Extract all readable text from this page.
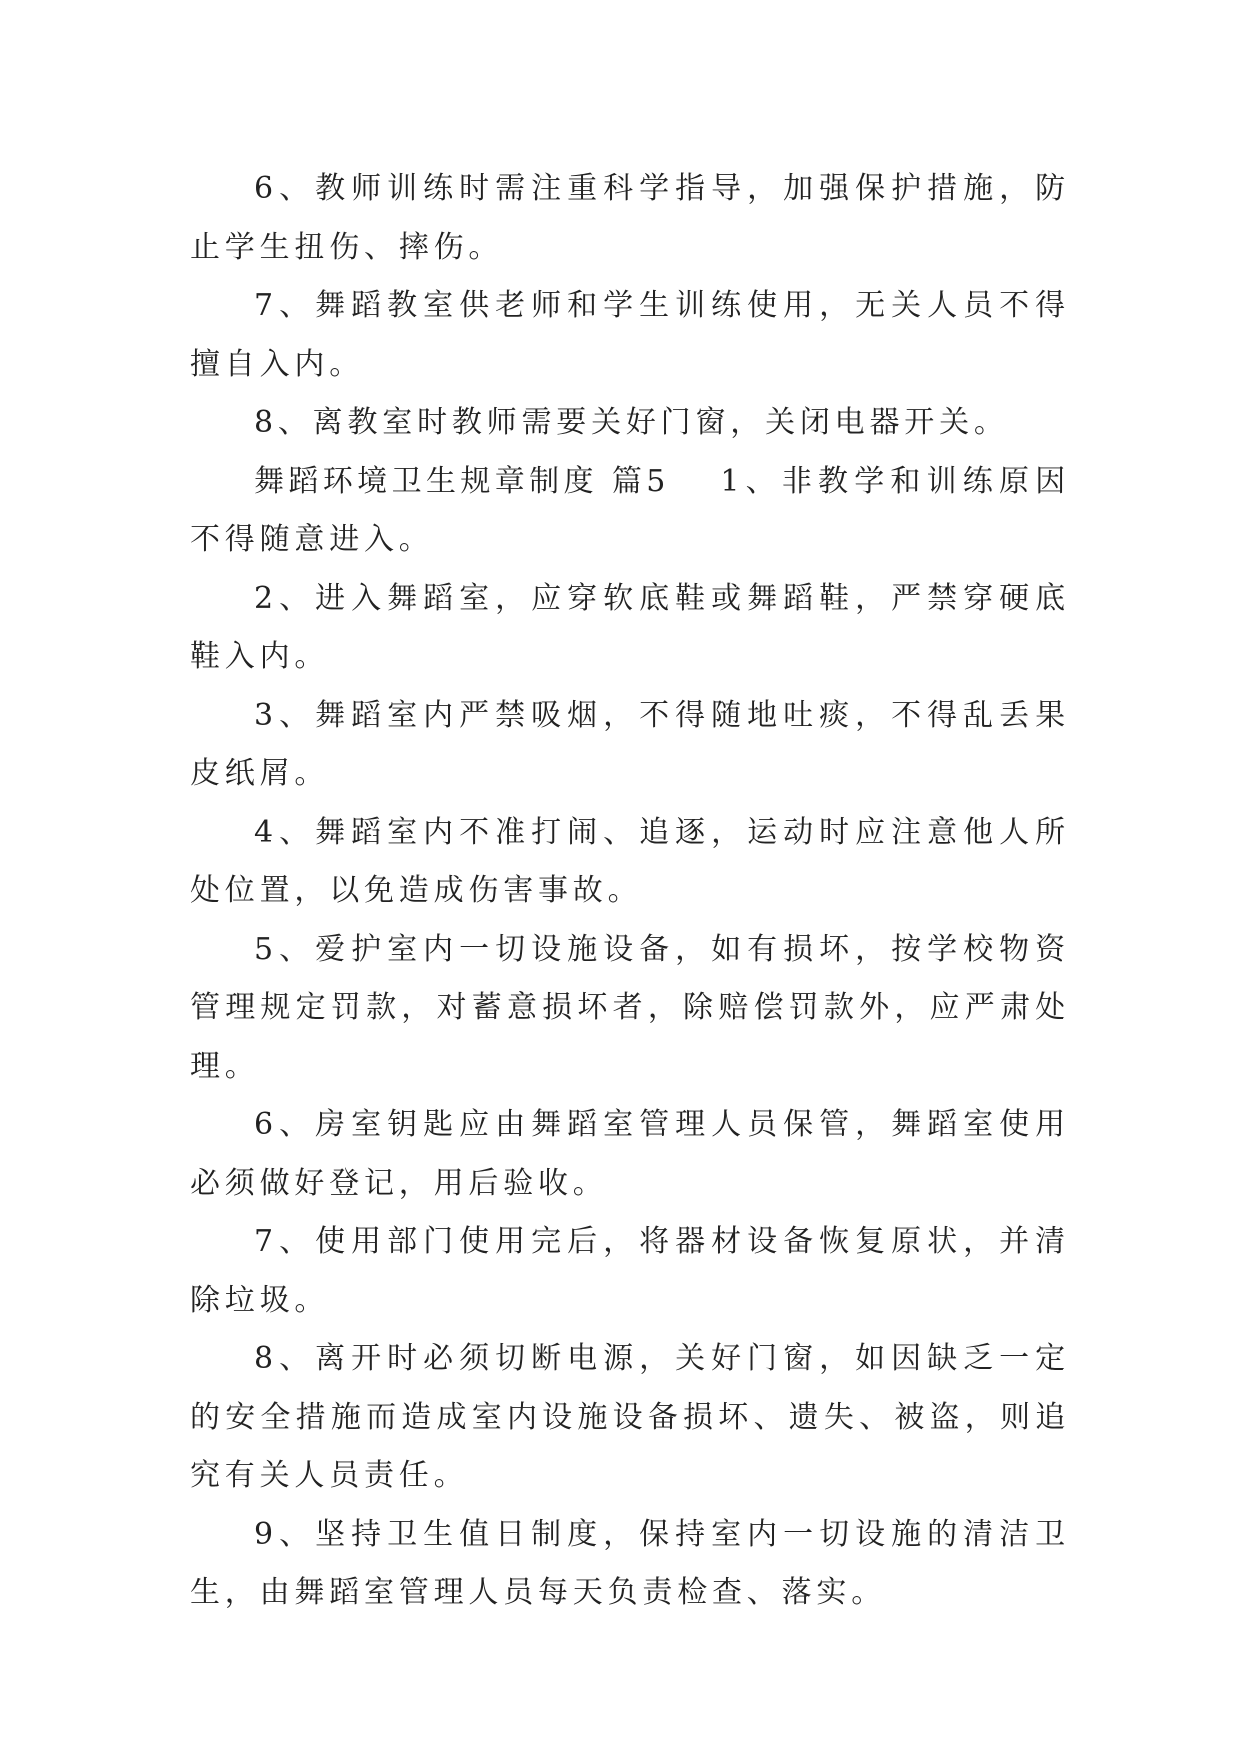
6、教师训练时需注重科学指导，加强保护措施，防止学生扭伤、摔伤。

7、舞蹈教室供老师和学生训练使用，无关人员不得擅自入内。

8、离教室时教师需要关好门窗，关闭电器开关。

舞蹈环境卫生规章制度 篇5 1、非教学和训练原因不得随意进入。

2、进入舞蹈室，应穿软底鞋或舞蹈鞋，严禁穿硬底鞋入内。

3、舞蹈室内严禁吸烟，不得随地吐痰，不得乱丢果皮纸屑。

4、舞蹈室内不准打闹、追逐，运动时应注意他人所处位置，以免造成伤害事故。

5、爱护室内一切设施设备，如有损坏，按学校物资管理规定罚款，对蓄意损坏者，除赔偿罚款外，应严肃处理。

6、房室钥匙应由舞蹈室管理人员保管，舞蹈室使用必须做好登记，用后验收。

7、使用部门使用完后，将器材设备恢复原状，并清除垃圾。

8、离开时必须切断电源，关好门窗，如因缺乏一定的安全措施而造成室内设施设备损坏、遗失、被盗，则追究有关人员责任。

9、坚持卫生值日制度，保持室内一切设施的清洁卫生，由舞蹈室管理人员每天负责检查、落实。
